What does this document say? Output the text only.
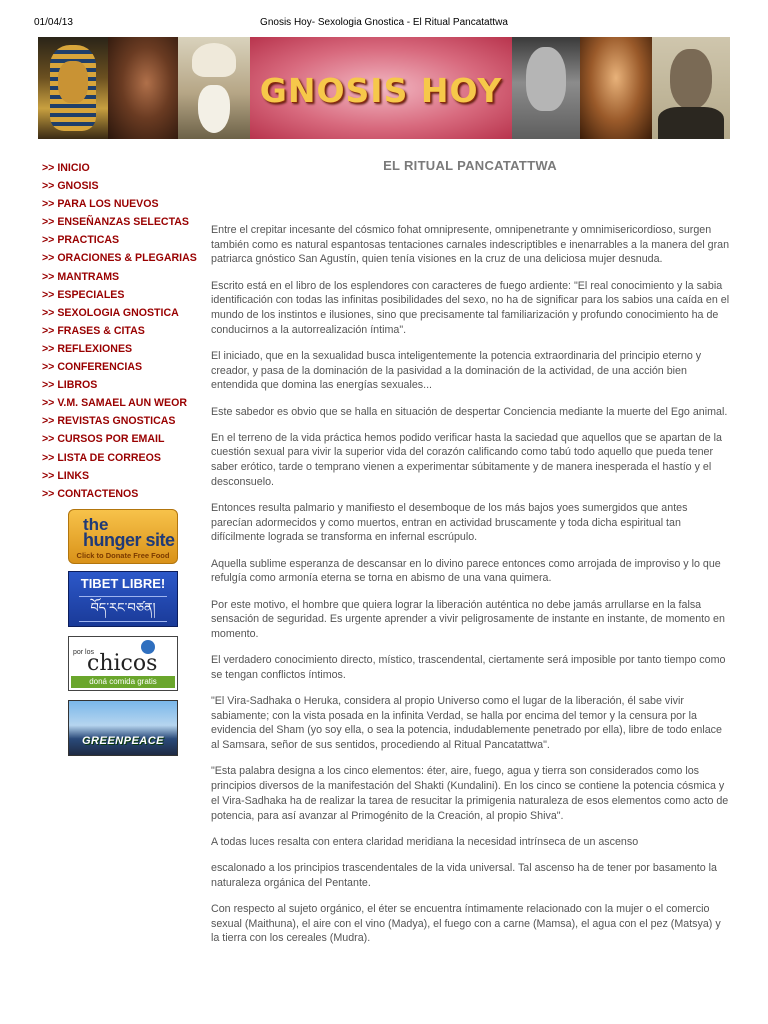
01/04/13	Gnosis Hoy- Sexologia Gnostica - El Ritual Pancatattwa
GNOSIS HOY
>> INICIO
>> GNOSIS
>> PARA LOS NUEVOS
>> ENSEÑANZAS SELECTAS
>> PRACTICAS
>> ORACIONES & PLEGARIAS
>> MANTRAMS
>> ESPECIALES
>> SEXOLOGIA GNOSTICA
>> FRASES & CITAS
>> REFLEXIONES
>> CONFERENCIAS
>> LIBROS
>> V.M. SAMAEL AUN WEOR
>> REVISTAS GNOSTICAS
>> CURSOS POR EMAIL
>> LISTA DE CORREOS
>> LINKS
>> CONTACTENOS
the
hunger site
Click to Donate Free Food
TIBET LIBRE!
བོད་རང་བཙན།
por los
chicos
doná comida gratis
GREENPEACE
EL RITUAL PANCATATTWA

Entre el crepitar incesante del cósmico fohat omnipresente, omnipenetrante y omnimisericordioso, surgen también como es natural espantosas tentaciones carnales indescriptibles e inenarrables a la manera del gran patriarca gnóstico San Agustín, quien tenía visiones en la cruz de una deliciosa mujer desnuda.

Escrito está en el libro de los esplendores con caracteres de fuego ardiente: "El real conocimiento y la sabia identificación con todas las infinitas posibilidades del sexo, no ha de significar para los sabios una caída en el mundo de los instintos e ilusiones, sino que precisamente tal familiarización y profundo conocimiento ha de conducirnos a la autorrealización íntima".

El iniciado, que en la sexualidad busca inteligentemente la potencia extraordinaria del principio eterno y creador, y pasa de la dominación de la pasividad a la dominación de la actividad, de una acción bien entendida que domina las energías sexuales...

Este sabedor es obvio que se halla en situación de despertar Conciencia mediante la muerte del Ego animal.

En el terreno de la vida práctica hemos podido verificar hasta la saciedad que aquellos que se apartan de la cuestión sexual para vivir la superior vida del corazón calificando como tabú todo aquello que pueda tener saber erótico, tarde o temprano vienen a experimentar súbitamente y de manera inesperada el hastío y el desconsuelo.

Entonces resulta palmario y manifiesto el desemboque de los más bajos yoes sumergidos que antes parecían adormecidos y como muertos, entran en actividad bruscamente y toda dicha espiritual tan difícilmente lograda se transforma en infernal escrúpulo.

Aquella sublime esperanza de descansar en lo divino parece entonces como arrojada de improviso y lo que refulgía como armonía eterna se torna en abismo de una vana quimera.

Por este motivo, el hombre que quiera lograr la liberación auténtica no debe jamás arrullarse en la falsa sensación de seguridad. Es urgente aprender a vivir peligrosamente de instante en instante, de momento en momento.

El verdadero conocimiento directo, místico, trascendental, ciertamente será imposible por tanto tiempo como se tengan conflictos íntimos.

"El Vira-Sadhaka o Heruka, considera al propio Universo como el lugar de la liberación, él sabe vivir sabiamente; con la vista posada en la infinita Verdad, se halla por encima del temor y la censura por la evidencia del Sham (yo soy ella, o sea la potencia, indudablemente penetrado por ella), libre de todo enlace al Samsara, señor de sus sentidos, procediendo al Ritual Pancatattwa".

"Esta palabra designa a los cinco elementos: éter, aire, fuego, agua y tierra son considerados como los principios diversos de la manifestación del Shakti (Kundalini). En los cinco se contiene la potencia cósmica y el Vira-Sadhaka ha de realizar la tarea de resucitar la primigenia naturaleza de esos elementos como acto de potencia, para así avanzar al Primogénito de la Creación, al propio Shiva".

A todas luces resalta con entera claridad meridiana la necesidad intrínseca de un ascenso

escalonado a los principios trascendentales de la vida universal. Tal ascenso ha de tener por basamento la naturaleza orgánica del Pentante.

Con respecto al sujeto orgánico, el éter se encuentra íntimamente relacionado con la mujer o el comercio sexual (Maithuna), el aire con el vino (Madya), el fuego con a carne (Mamsa), el agua con el pez (Matsya) y la tierra con los cereales (Mudra).
